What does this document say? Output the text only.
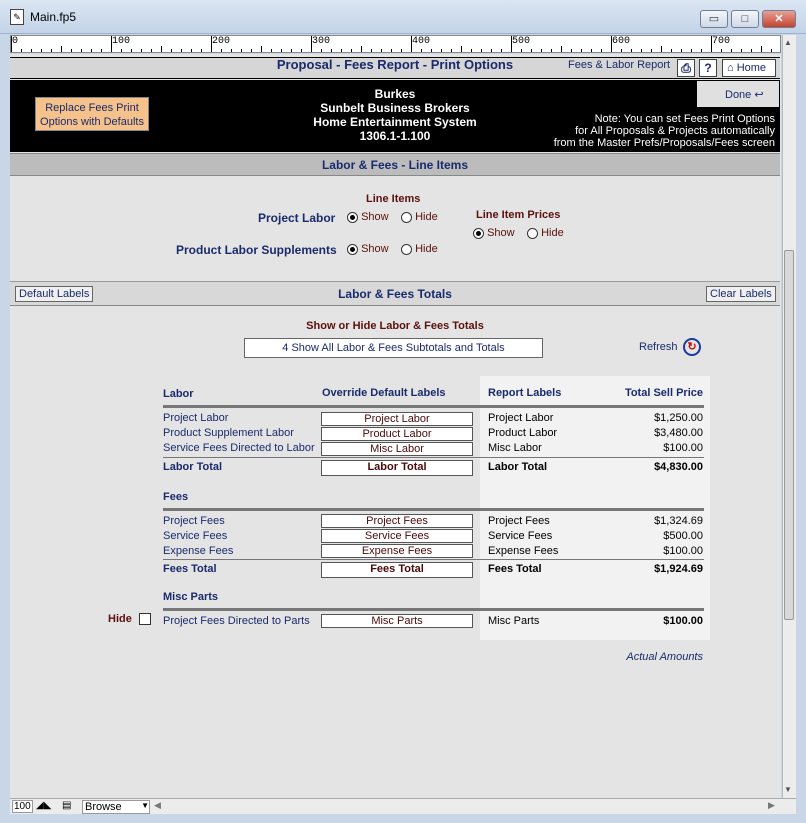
✎ Main.fp5	▭	□	✕
0	100	200	300	400	500	600	700	▲
▼
Proposal - Fees Report - Print Options	Fees & Labor Report ⎙	?	⌂ Home
Replace Fees Print Options with Defaults
Burkes
Sunbelt Business Brokers
Home Entertainment System
1306.1-1.100
Done ↩
Note: You can set Fees Print Options
for All Proposals & Projects automatically
from the Master Prefs/Proposals/Fees screen
Labor & Fees - Line Items
Line Items
Project Labor	Show	Hide
Product Labor Supplements	Show	Hide
Line Item Prices
Show	Hide
Labor & Fees Totals
Default Labels	Clear Labels
Show or Hide Labor & Fees Totals
4 Show All Labor & Fees Subtotals and Totals	Refresh ↻
Labor	Override Default Labels	Report Labels	Total Sell Price
Project Labor	Project Labor	Project Labor	$1,250.00
Product Supplement Labor	Product Labor	Product Labor	$3,480.00
Service Fees Directed to Labor	Misc Labor	Misc Labor	$100.00
Labor Total	Labor Total	Labor Total	$4,830.00
Fees
Project Fees	Project Fees	Project Fees	$1,324.69
Service Fees	Service Fees	Service Fees	$500.00
Expense Fees	Expense Fees	Expense Fees	$100.00
Fees Total	Fees Total	Fees Total	$1,924.69
Misc Parts
Hide	Project Fees Directed to Parts	Misc Parts	Misc Parts	$100.00
Actual Amounts
100 ◢◣ ▤ Browse ▼ ◀	▶
